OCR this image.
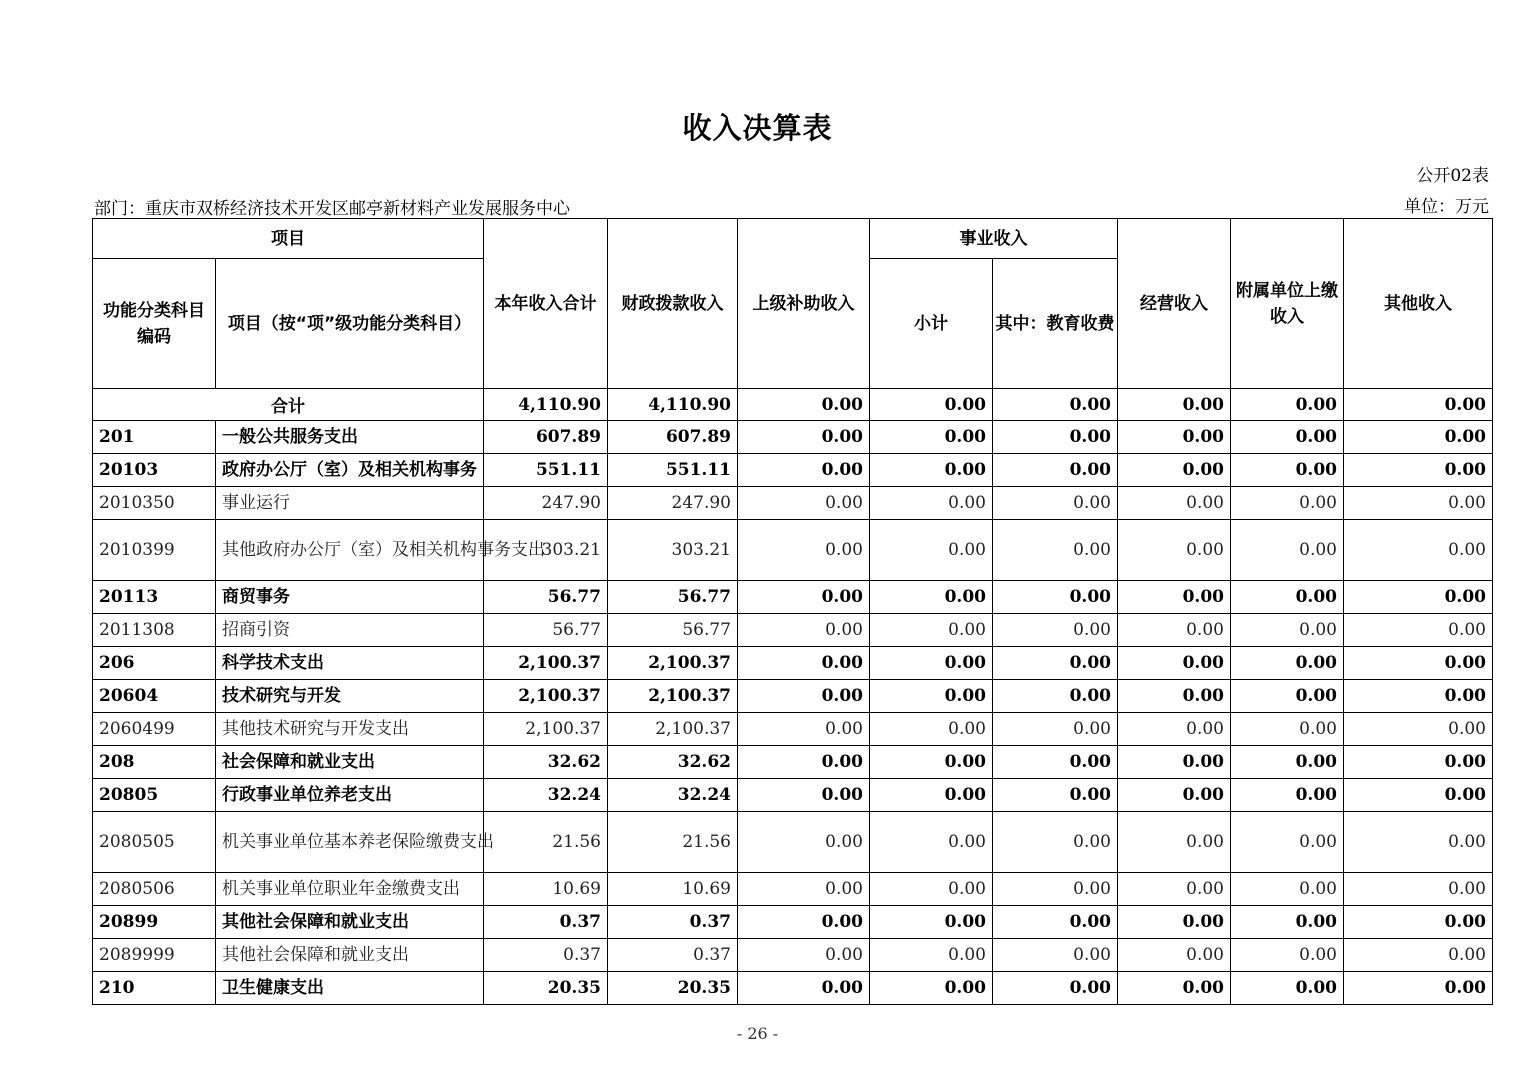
收入决算表
公开02表
部门：重庆市双桥经济技术开发区邮亭新材料产业发展服务中心	单位：万元
项目		本年收入合计	财政拨款收入	上级补助收入	事业收入		经营收入	附属单位上缴收入	其他收入
功能分类科目编码	项目（按“项”级功能分类科目）				小计	其中：教育收费			
合计		4,110.90	4,110.90	0.00	0.00	0.00	0.00	0.00	0.00
201	一般公共服务支出	607.89	607.89	0.00	0.00	0.00	0.00	0.00	0.00
20103	政府办公厅（室）及相关机构事务	551.11	551.11	0.00	0.00	0.00	0.00	0.00	0.00
2010350	事业运行	247.90	247.90	0.00	0.00	0.00	0.00	0.00	0.00
2010399	其他政府办公厅（室）及相关机构事务支出	303.21	303.21	0.00	0.00	0.00	0.00	0.00	0.00
20113	商贸事务	56.77	56.77	0.00	0.00	0.00	0.00	0.00	0.00
2011308	招商引资	56.77	56.77	0.00	0.00	0.00	0.00	0.00	0.00
206	科学技术支出	2,100.37	2,100.37	0.00	0.00	0.00	0.00	0.00	0.00
20604	技术研究与开发	2,100.37	2,100.37	0.00	0.00	0.00	0.00	0.00	0.00
2060499	其他技术研究与开发支出	2,100.37	2,100.37	0.00	0.00	0.00	0.00	0.00	0.00
208	社会保障和就业支出	32.62	32.62	0.00	0.00	0.00	0.00	0.00	0.00
20805	行政事业单位养老支出	32.24	32.24	0.00	0.00	0.00	0.00	0.00	0.00
2080505	机关事业单位基本养老保险缴费支出	21.56	21.56	0.00	0.00	0.00	0.00	0.00	0.00
2080506	机关事业单位职业年金缴费支出	10.69	10.69	0.00	0.00	0.00	0.00	0.00	0.00
20899	其他社会保障和就业支出	0.37	0.37	0.00	0.00	0.00	0.00	0.00	0.00
2089999	其他社会保障和就业支出	0.37	0.37	0.00	0.00	0.00	0.00	0.00	0.00
210	卫生健康支出	20.35	20.35	0.00	0.00	0.00	0.00	0.00	0.00
- 26 -
